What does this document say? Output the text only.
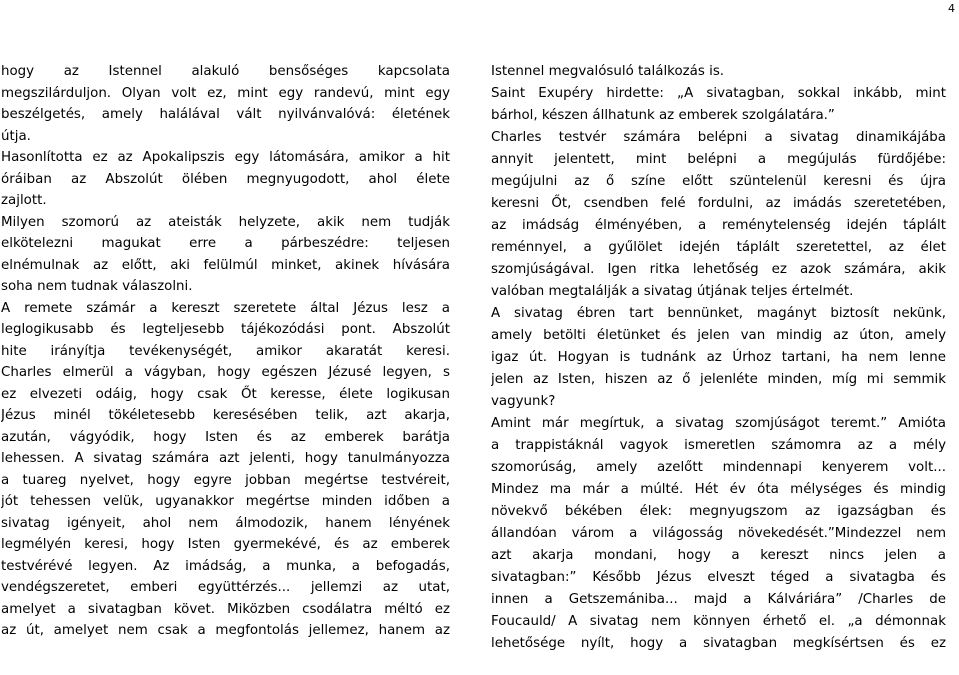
4
hogy az Istennel alakuló bensőséges kapcsolata
megszilárduljon. Olyan volt ez, mint egy randevú, mint egy
beszélgetés, amely halálával vált nyilvánvalóvá: életének
útja.
Hasonlította ez az Apokalipszis egy látomására, amikor a hit
óráiban az Abszolút ölében megnyugodott, ahol élete
zajlott.
Milyen szomorú az ateisták helyzete, akik nem tudják
elkötelezni magukat erre a párbeszédre: teljesen
elnémulnak az előtt, aki felülmúl minket, akinek hívására
soha nem tudnak válaszolni.
A remete számár a kereszt szeretete által Jézus lesz a
leglogikusabb és legteljesebb tájékozódási pont. Abszolút
hite irányítja tevékenységét, amikor akaratát keresi.
Charles elmerül a vágyban, hogy egészen Jézusé legyen, s
ez elvezeti odáig, hogy csak Őt keresse, élete logikusan
Jézus minél tökéletesebb keresésében telik, azt akarja,
azután, vágyódik, hogy Isten és az emberek barátja
lehessen. A sivatag számára azt jelenti, hogy tanulmányozza
a tuareg nyelvet, hogy egyre jobban megértse testvéreit,
jót tehessen velük, ugyanakkor megértse minden időben a
sivatag igényeit, ahol nem álmodozik, hanem lényének
legmélyén keresi, hogy Isten gyermekévé, és az emberek
testvérévé legyen. Az imádság, a munka, a befogadás,
vendégszeretet, emberi együttérzés... jellemzi az utat,
amelyet a sivatagban követ. Miközben csodálatra méltó ez
az út, amelyet nem csak a megfontolás jellemez, hanem az
Istennel megvalósuló találkozás is.
Saint Exupéry hirdette: „A sivatagban, sokkal inkább, mint
bárhol, készen állhatunk az emberek szolgálatára.”
Charles testvér számára belépni a sivatag dinamikájába
annyit jelentett, mint belépni a megújulás fürdőjébe:
megújulni az ő színe előtt szüntelenül keresni és újra
keresni Őt, csendben felé fordulni, az imádás szeretetében,
az imádság élményében, a reménytelenség idején táplált
reménnyel, a gyűlölet idején táplált szeretettel, az élet
szomjúságával. Igen ritka lehetőség ez azok számára, akik
valóban megtalálják a sivatag útjának teljes értelmét.
A sivatag ébren tart bennünket, magányt biztosít nekünk,
amely betölti életünket és jelen van mindig az úton, amely
igaz út. Hogyan is tudnánk az Úrhoz tartani, ha nem lenne
jelen az Isten, hiszen az ő jelenléte minden, míg mi semmik
vagyunk?
Amint már megírtuk, a sivatag szomjúságot teremt.” Amióta
a trappistáknál vagyok ismeretlen számomra az a mély
szomorúság, amely azelőtt mindennapi kenyerem volt...
Mindez ma már a múlté. Hét év óta mélységes és mindig
növekvő békében élek: megnyugszom az igazságban és
állandóan várom a világosság növekedését.”Mindezzel nem
azt akarja mondani, hogy a kereszt nincs jelen a
sivatagban:” Később Jézus elveszt téged a sivatagba és
innen a Getszemániba... majd a Kálváriára” /Charles de
Foucauld/ A sivatag nem könnyen érhető el. „a démonnak
lehetősége nyílt, hogy a sivatagban megkísértsen és ez
